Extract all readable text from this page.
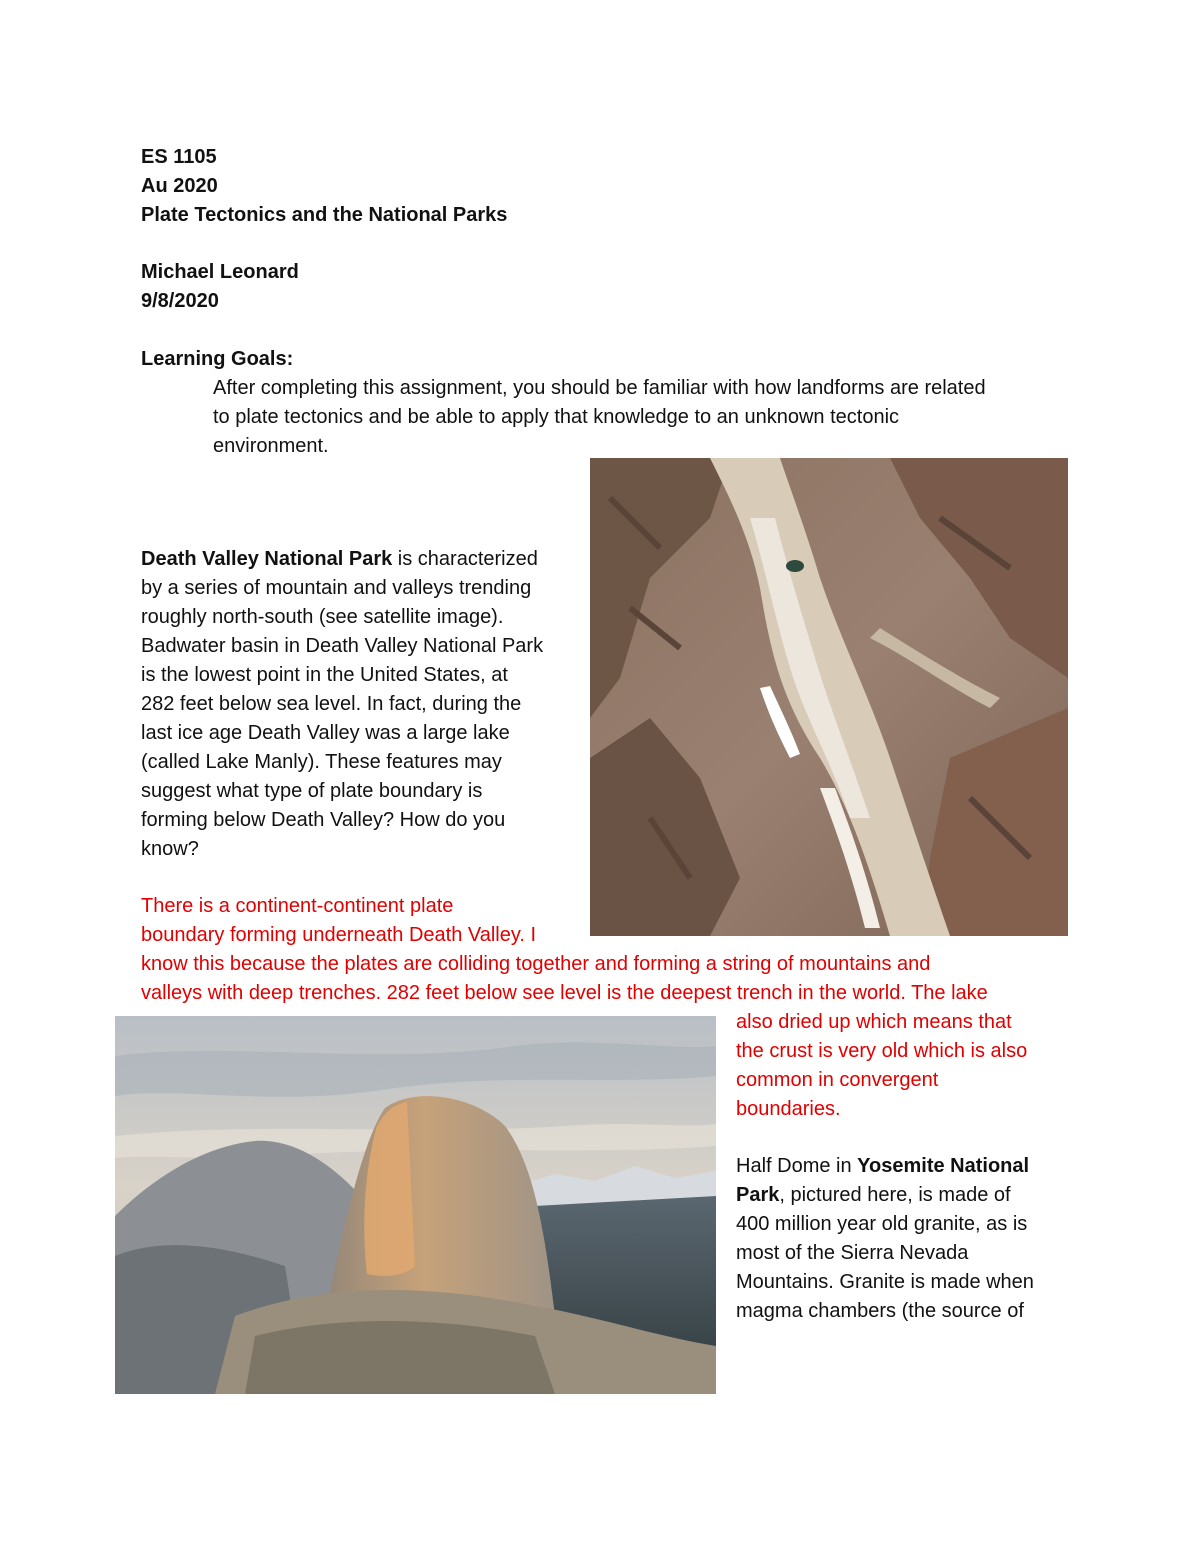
ES 1105
Au 2020
Plate Tectonics and the National Parks
Michael Leonard
9/8/2020
Learning Goals:
After completing this assignment, you should be familiar with how landforms are related
to plate tectonics and be able to apply that knowledge to an unknown tectonic
environment.
Death Valley National Park is characterized
by a series of mountain and valleys trending
roughly north-south (see satellite image).
Badwater basin in Death Valley National Park
is the lowest point in the United States, at
282 feet below sea level. In fact, during the
last ice age Death Valley was a large lake
(called Lake Manly). These features may
suggest what type of plate boundary is
forming below Death Valley? How do you
know?
There is a continent-continent plate
boundary forming underneath Death Valley. I
know this because the plates are colliding together and forming a string of mountains and
valleys with deep trenches. 282 feet below see level is the deepest trench in the world. The lake
also dried up which means that
the crust is very old which is also
common in convergent
boundaries.
Half Dome in Yosemite National
Park, pictured here, is made of
400 million year old granite, as is
most of the Sierra Nevada
Mountains. Granite is made when
magma chambers (the source of
